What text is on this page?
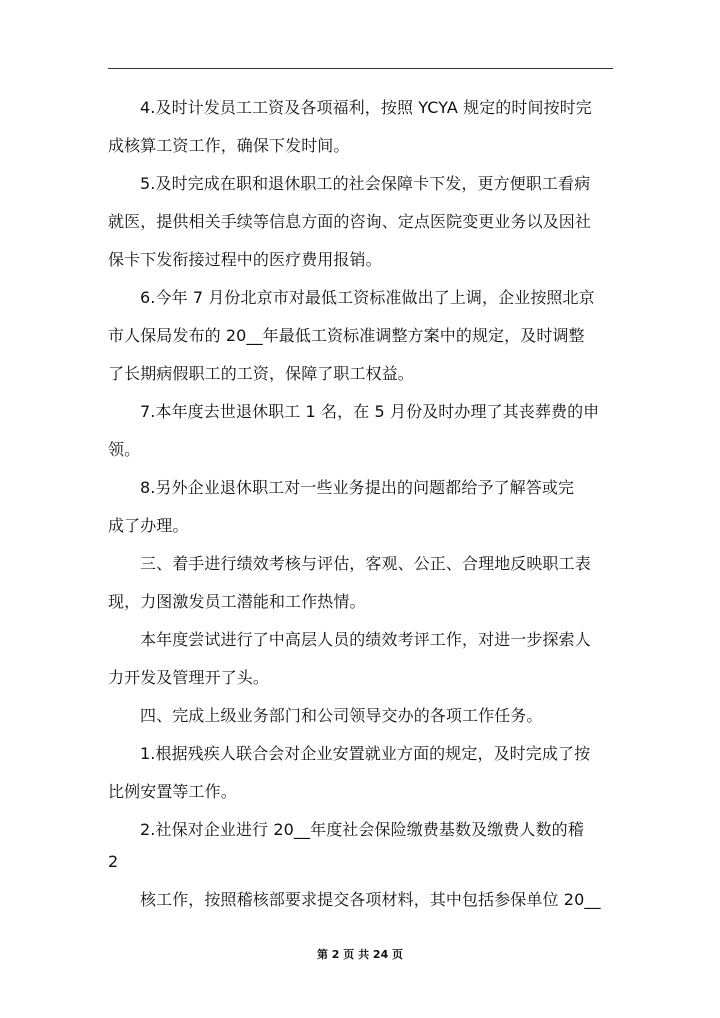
4.及时计发员工工资及各项福利，按照 YCYA 规定的时间按时完
成核算工资工作，确保下发时间。
5.及时完成在职和退休职工的社会保障卡下发，更方便职工看病
就医，提供相关手续等信息方面的咨询、定点医院变更业务以及因社
保卡下发衔接过程中的医疗费用报销。
6.今年 7 月份北京市对最低工资标准做出了上调，企业按照北京
市人保局发布的 20__年最低工资标准调整方案中的规定，及时调整
了长期病假职工的工资，保障了职工权益。
7.本年度去世退休职工 1 名，在 5 月份及时办理了其丧葬费的申
领。
8.另外企业退休职工对一些业务提出的问题都给予了解答或完
成了办理。
三、着手进行绩效考核与评估，客观、公正、合理地反映职工表
现，力图激发员工潜能和工作热情。
本年度尝试进行了中高层人员的绩效考评工作，对进一步探索人
力开发及管理开了头。
四、完成上级业务部门和公司领导交办的各项工作任务。
1.根据残疾人联合会对企业安置就业方面的规定，及时完成了按
比例安置等工作。
2.社保对企业进行 20__年度社会保险缴费基数及缴费人数的稽
2
核工作，按照稽核部要求提交各项材料，其中包括参保单位 20__
第 2 页 共 24 页
